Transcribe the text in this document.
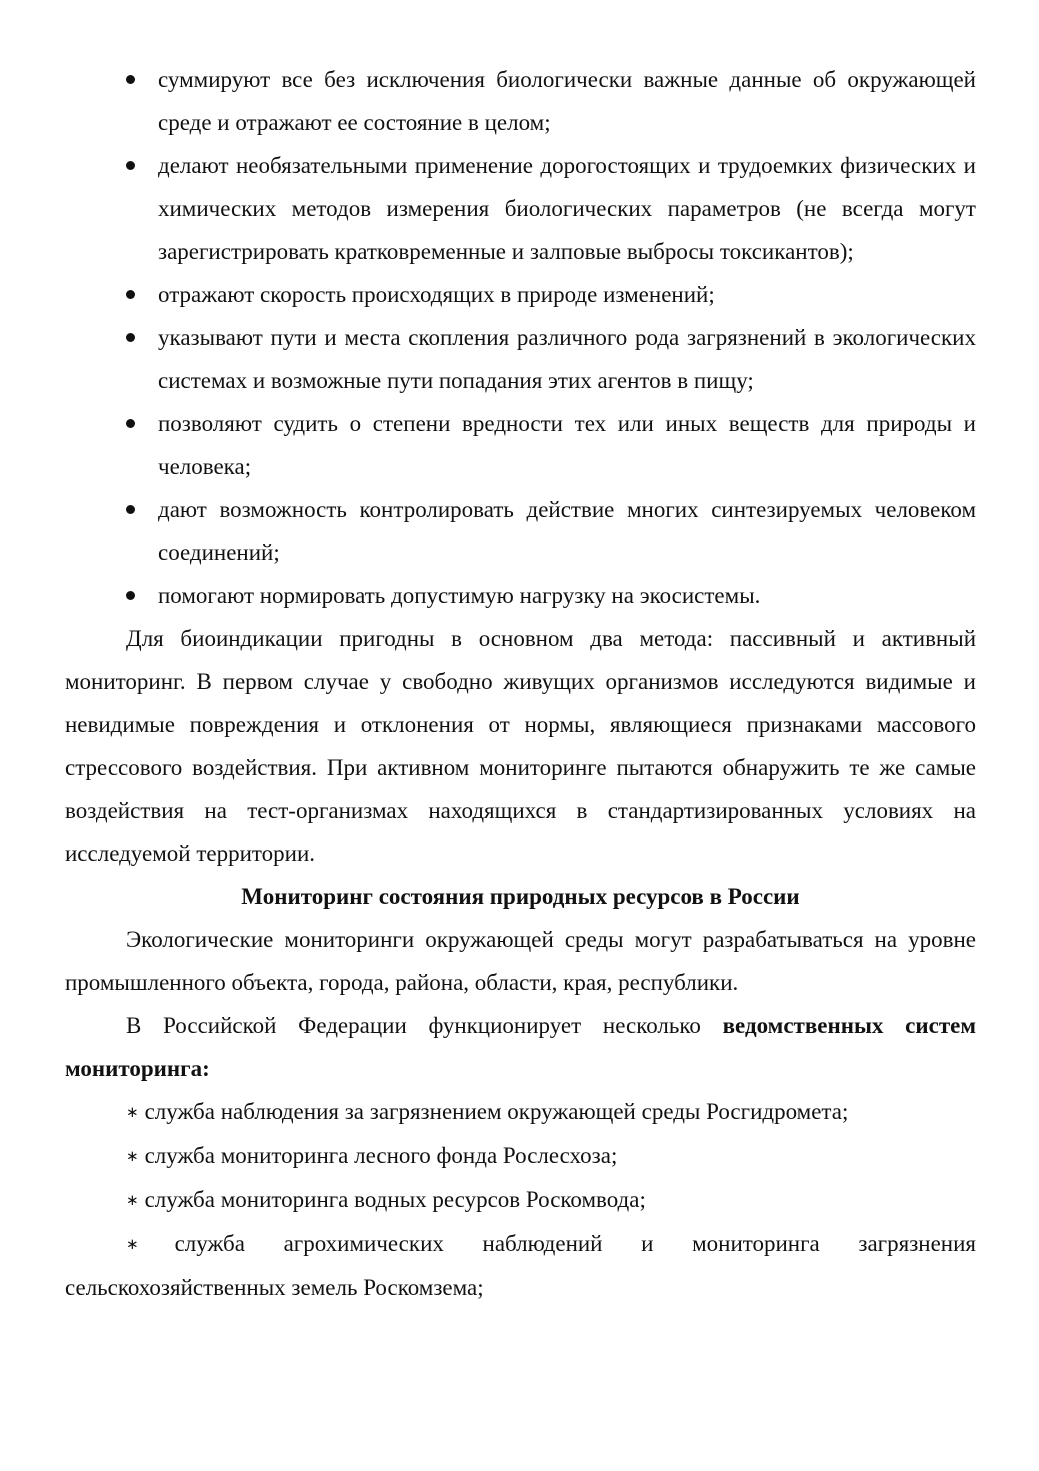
суммируют все без исключения биологически важные данные об окружающей среде и отражают ее состояние в целом;
делают необязательными применение дорогостоящих и трудоемких физических и химических методов измерения биологических параметров (не всегда могут зарегистрировать кратковременные и залповые выбросы токсикантов);
отражают скорость происходящих в природе изменений;
указывают пути и места скопления различного рода загрязнений в экологических системах и возможные пути попадания этих агентов в пищу;
позволяют судить о степени вредности тех или иных веществ для природы и человека;
дают возможность контролировать действие многих синтезируемых человеком соединений;
помогают нормировать допустимую нагрузку на экосистемы.

Для биоиндикации пригодны в основном два метода: пассивный и активный мониторинг. В первом случае у свободно живущих организмов исследуются видимые и невидимые повреждения и отклонения от нормы, являющиеся признаками массового стрессового воздействия. При активном мониторинге пытаются обнаружить те же самые воздействия на тест-организмах находящихся в стандартизированных условиях на исследуемой территории.

Мониторинг состояния природных ресурсов в России

Экологические мониторинги окружающей среды могут разрабатываться на уровне промышленного объекта, города, района, области, края, республики.

В Российской Федерации функционирует несколько ведомственных систем мониторинга:

∗ служба наблюдения за загрязнением окружающей среды Росгидромета;

∗ служба мониторинга лесного фонда Рослесхоза;

∗ служба мониторинга водных ресурсов Роскомвода;

∗ служба агрохимических наблюдений и мониторинга загрязнения сельскохозяйственных земель Роскомзема;
